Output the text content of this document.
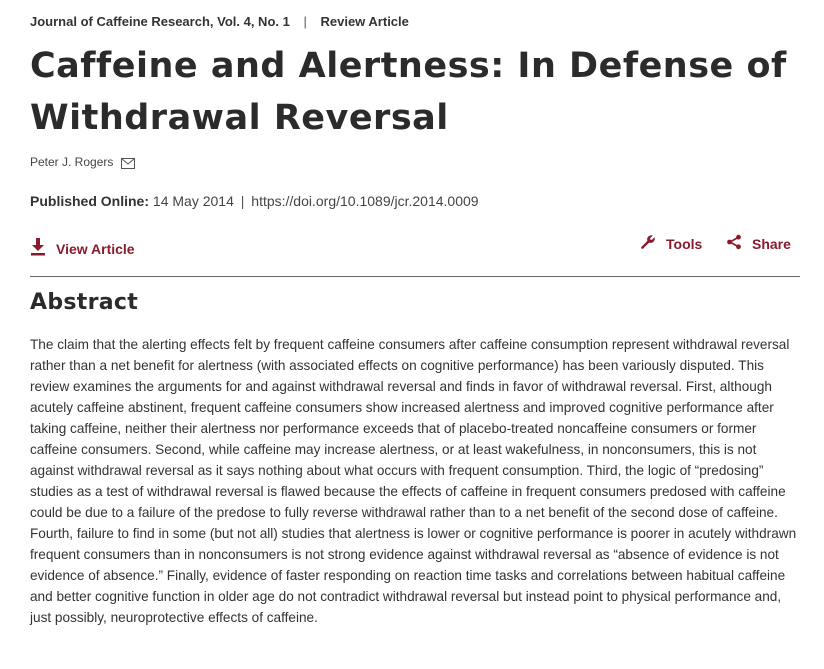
Journal of Caffeine Research, Vol. 4, No. 1 | Review Article
Caffeine and Alertness: In Defense of Withdrawal Reversal
Peter J. Rogers
Published Online: 14 May 2014 | https://doi.org/10.1089/jcr.2014.0009
View Article	Tools	Share
Abstract

The claim that the alerting effects felt by frequent caffeine consumers after caffeine consumption represent withdrawal reversal rather than a net benefit for alertness (with associated effects on cognitive performance) has been variously disputed. This review examines the arguments for and against withdrawal reversal and finds in favor of withdrawal reversal. First, although acutely caffeine abstinent, frequent caffeine consumers show increased alertness and improved cognitive performance after taking caffeine, neither their alertness nor performance exceeds that of placebo-treated noncaffeine consumers or former caffeine consumers. Second, while caffeine may increase alertness, or at least wakefulness, in nonconsumers, this is not against withdrawal reversal as it says nothing about what occurs with frequent consumption. Third, the logic of “predosing” studies as a test of withdrawal reversal is flawed because the effects of caffeine in frequent consumers predosed with caffeine could be due to a failure of the predose to fully reverse withdrawal rather than to a net benefit of the second dose of caffeine. Fourth, failure to find in some (but not all) studies that alertness is lower or cognitive performance is poorer in acutely withdrawn frequent consumers than in nonconsumers is not strong evidence against withdrawal reversal as “absence of evidence is not evidence of absence.” Finally, evidence of faster responding on reaction time tasks and correlations between habitual caffeine and better cognitive function in older age do not contradict withdrawal reversal but instead point to physical performance and, just possibly, neuroprotective effects of caffeine.
